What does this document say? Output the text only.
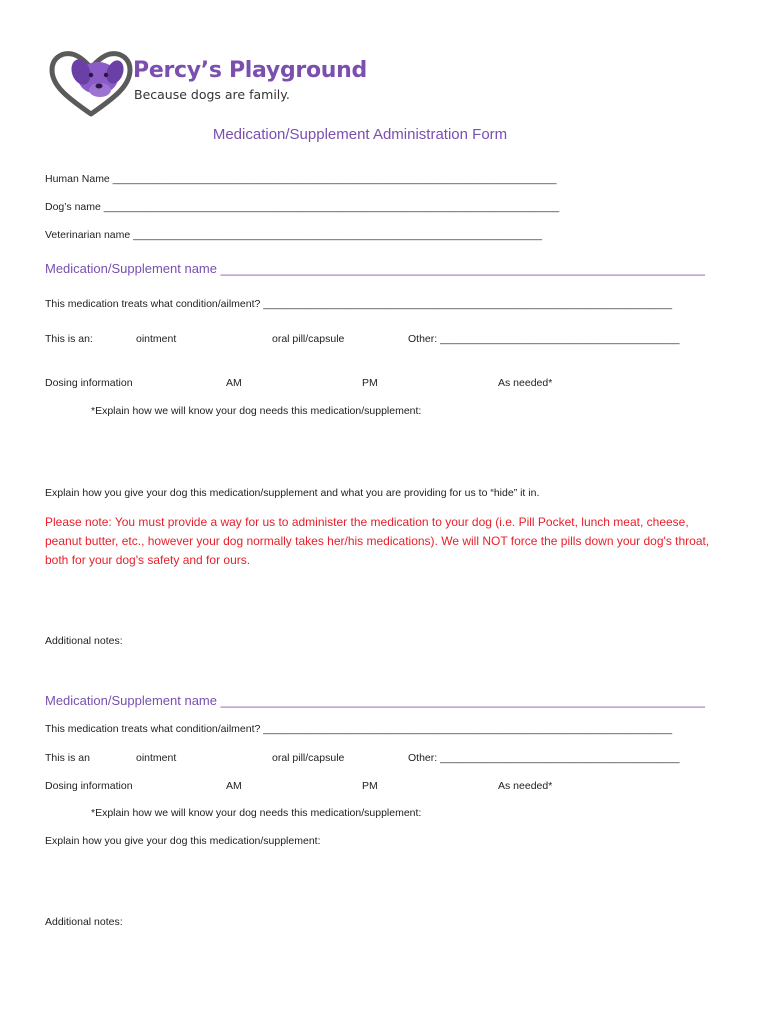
Percy’s Playground
Because dogs are family.
Medication/Supplement Administration Form
Human Name ____________________________________________________________________________
Dog’s name ______________________________________________________________________________
Veterinarian name ______________________________________________________________________
Medication/Supplement name ___________________________________________________________________
This medication treats what condition/ailment? ______________________________________________________________________
This is an:	ointment	oral pill/capsule	Other: _________________________________________
Dosing information	AM	PM	As needed*
*Explain how we will know your dog needs this medication/supplement:
Explain how you give your dog this medication/supplement and what you are providing for us to “hide” it in.
Please note: You must provide a way for us to administer the medication to your dog (i.e. Pill Pocket, lunch meat, cheese, peanut butter, etc., however your dog normally takes her/his medications). We will NOT force the pills down your dog's throat, both for your dog's safety and for ours.
Additional notes:
Medication/Supplement name ___________________________________________________________________
This medication treats what condition/ailment? ______________________________________________________________________
This is an	ointment	oral pill/capsule	Other: _________________________________________
Dosing information	AM	PM	As needed*
*Explain how we will know your dog needs this medication/supplement:
Explain how you give your dog this medication/supplement:
Additional notes:
